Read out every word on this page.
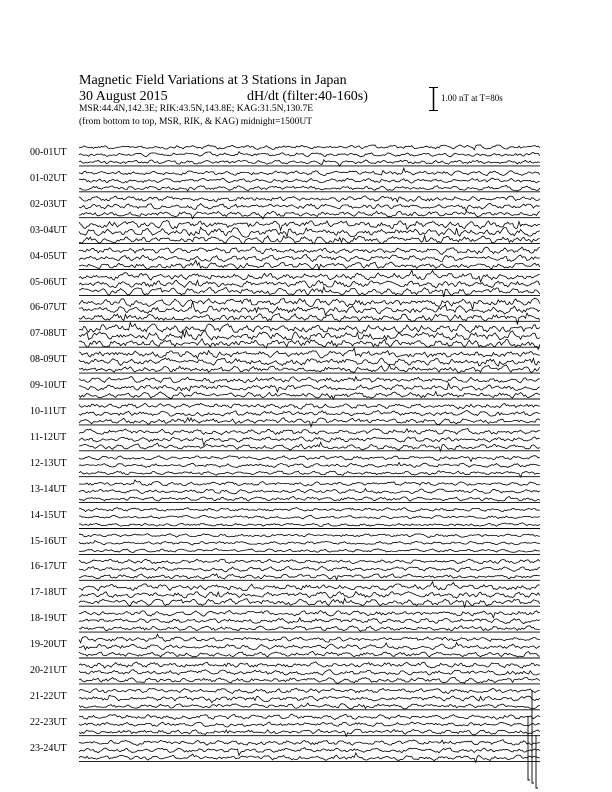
Magnetic Field Variations at 3 Stations in Japan
30 August 2015	dH/dt (filter:40-160s)
MSR:44.4N,142.3E; RIK:43.5N,143.8E; KAG:31.5N,130.7E
(from bottom to top, MSR, RIK, & KAG) midnight=1500UT
1.00 nT at T=80s
00-01UT
01-02UT
02-03UT
03-04UT
04-05UT
05-06UT
06-07UT
07-08UT
08-09UT
09-10UT
10-11UT
11-12UT
12-13UT
13-14UT
14-15UT
15-16UT
16-17UT
17-18UT
18-19UT
19-20UT
20-21UT
21-22UT
22-23UT
23-24UT
